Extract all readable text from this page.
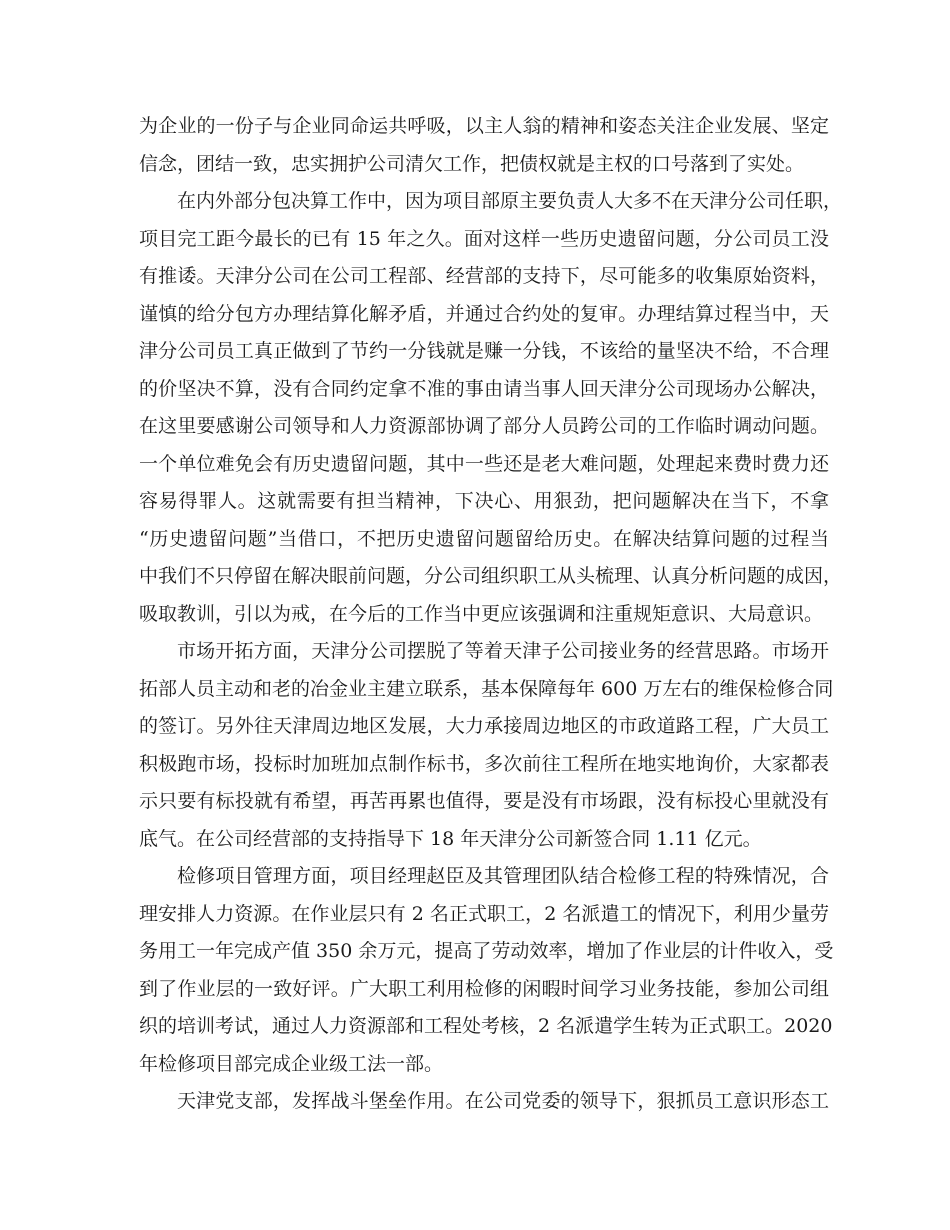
为企业的一份子与企业同命运共呼吸，以主人翁的精神和姿态关注企业发展、坚定
信念，团结一致，忠实拥护公司清欠工作，把债权就是主权的口号落到了实处。
在内外部分包决算工作中，因为项目部原主要负责人大多不在天津分公司任职，
项目完工距今最长的已有 15 年之久。面对这样一些历史遗留问题，分公司员工没
有推诿。天津分公司在公司工程部、经营部的支持下，尽可能多的收集原始资料，
谨慎的给分包方办理结算化解矛盾，并通过合约处的复审。办理结算过程当中，天
津分公司员工真正做到了节约一分钱就是赚一分钱，不该给的量坚决不给，不合理
的价坚决不算，没有合同约定拿不准的事由请当事人回天津分公司现场办公解决，
在这里要感谢公司领导和人力资源部协调了部分人员跨公司的工作临时调动问题。
一个单位难免会有历史遗留问题，其中一些还是老大难问题，处理起来费时费力还
容易得罪人。这就需要有担当精神，下决心、用狠劲，把问题解决在当下，不拿
“历史遗留问题”当借口，不把历史遗留问题留给历史。在解决结算问题的过程当
中我们不只停留在解决眼前问题，分公司组织职工从头梳理、认真分析问题的成因，
吸取教训，引以为戒，在今后的工作当中更应该强调和注重规矩意识、大局意识。
市场开拓方面，天津分公司摆脱了等着天津子公司接业务的经营思路。市场开
拓部人员主动和老的冶金业主建立联系，基本保障每年 600 万左右的维保检修合同
的签订。另外往天津周边地区发展，大力承接周边地区的市政道路工程，广大员工
积极跑市场，投标时加班加点制作标书，多次前往工程所在地实地询价，大家都表
示只要有标投就有希望，再苦再累也值得，要是没有市场跟，没有标投心里就没有
底气。在公司经营部的支持指导下 18 年天津分公司新签合同 1.11 亿元。
检修项目管理方面，项目经理赵臣及其管理团队结合检修工程的特殊情况，合
理安排人力资源。在作业层只有 2 名正式职工，2 名派遣工的情况下，利用少量劳
务用工一年完成产值 350 余万元，提高了劳动效率，增加了作业层的计件收入，受
到了作业层的一致好评。广大职工利用检修的闲暇时间学习业务技能，参加公司组
织的培训考试，通过人力资源部和工程处考核，2 名派遣学生转为正式职工。2020
年检修项目部完成企业级工法一部。
天津党支部，发挥战斗堡垒作用。在公司党委的领导下，狠抓员工意识形态工
